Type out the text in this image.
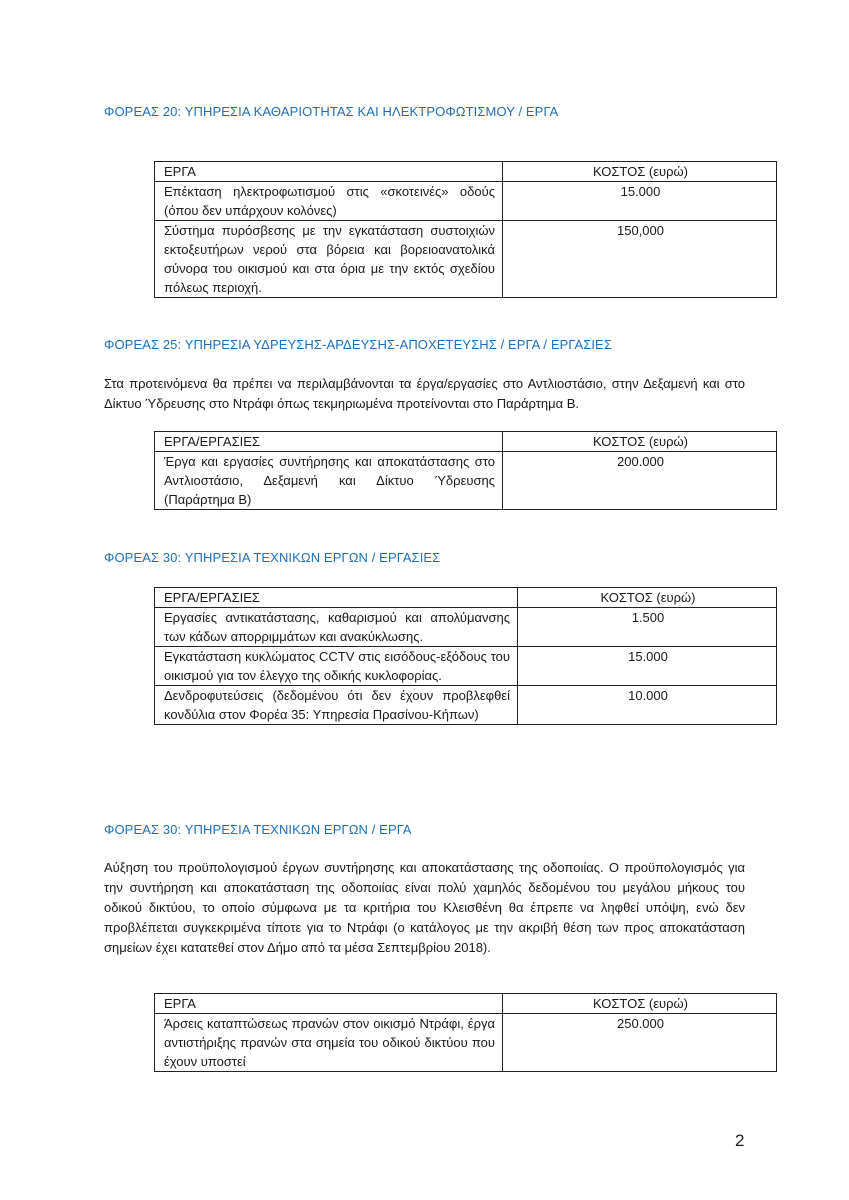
ΦΟΡΕΑΣ 20: ΥΠΗΡΕΣΙΑ ΚΑΘΑΡΙΟΤΗΤΑΣ ΚΑΙ ΗΛΕΚΤΡΟΦΩΤΙΣΜΟΥ / ΕΡΓΑ
ΕΡΓΑ	ΚΟΣΤΟΣ (ευρώ)
Επέκταση ηλεκτροφωτισμού στις «σκοτεινές» οδούς (όπου δεν υπάρχουν κολόνες)	15.000
Σύστημα πυρόσβεσης με την εγκατάσταση συστοιχιών εκτοξευτήρων νερού στα βόρεια και βορειοανατολικά σύνορα του οικισμού και στα όρια με την εκτός σχεδίου πόλεως περιοχή.	150,000
ΦΟΡΕΑΣ 25: ΥΠΗΡΕΣΙΑ ΥΔΡΕΥΣΗΣ-ΑΡΔΕΥΣΗΣ-ΑΠΟΧΕΤΕΥΣΗΣ / ΕΡΓΑ / ΕΡΓΑΣΙΕΣ

Στα προτεινόμενα θα πρέπει να περιλαμβάνονται τα έργα/εργασίες στο Αντλιοστάσιο, στην Δεξαμενή και στο Δίκτυο Ύδρευσης στο Ντράφι όπως τεκμηριωμένα προτείνονται στο Παράρτημα Β.

ΕΡΓΑ/ΕΡΓΑΣΙΕΣ	ΚΟΣΤΟΣ (ευρώ)
Έργα και εργασίες συντήρησης και αποκατάστασης στο Αντλιοστάσιο, Δεξαμενή και Δίκτυο Ύδρευσης (Παράρτημα Β)	200.000
ΦΟΡΕΑΣ 30: ΥΠΗΡΕΣΙΑ ΤΕΧΝΙΚΩΝ ΕΡΓΩΝ / ΕΡΓΑΣΙΕΣ
ΕΡΓΑ/ΕΡΓΑΣΙΕΣ	ΚΟΣΤΟΣ (ευρώ)
Εργασίες αντικατάστασης, καθαρισμού και απολύμανσης των κάδων απορριμμάτων και ανακύκλωσης.	1.500
Εγκατάσταση κυκλώματος CCTV στις εισόδους-εξόδους του οικισμού για τον έλεγχο της οδικής κυκλοφορίας.	15.000
Δενδροφυτεύσεις (δεδομένου ότι δεν έχουν προβλεφθεί κονδύλια στον Φορέα 35: Υπηρεσία Πρασίνου-Κήπων)	10.000
ΦΟΡΕΑΣ 30: ΥΠΗΡΕΣΙΑ ΤΕΧΝΙΚΩΝ ΕΡΓΩΝ / ΕΡΓΑ

Αύξηση του προϋπολογισμού έργων συντήρησης και αποκατάστασης της οδοποιίας. Ο προϋπολογισμός για την συντήρηση και αποκατάσταση της οδοποιίας είναι πολύ χαμηλός δεδομένου του μεγάλου μήκους του οδικού δικτύου, το οποίο σύμφωνα με τα κριτήρια του Κλεισθένη θα έπρεπε να ληφθεί υπόψη, ενώ δεν προβλέπεται συγκεκριμένα τίποτε για το Ντράφι (ο κατάλογος με την ακριβή θέση των προς αποκατάσταση σημείων έχει κατατεθεί στον Δήμο από τα μέσα Σεπτεμβρίου 2018).

ΕΡΓΑ	ΚΟΣΤΟΣ (ευρώ)
Άρσεις καταπτώσεως πρανών στον οικισμό Ντράφι, έργα αντιστήριξης πρανών στα σημεία του οδικού δικτύου που έχουν υποστεί	250.000
2
